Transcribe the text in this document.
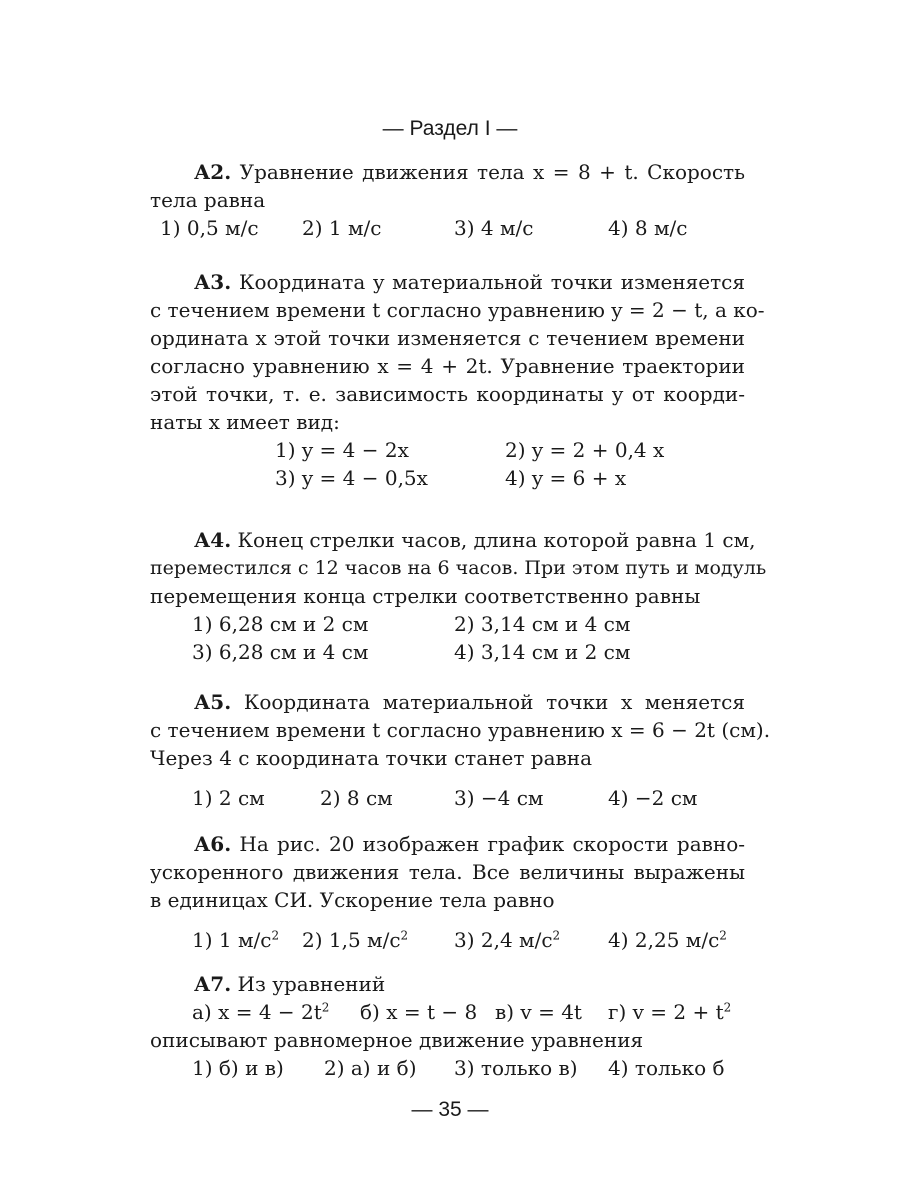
— Раздел I —
А2. Уравнение движения тела x = 8 + t. Скорость
тела равна
1) 0,5 м/с 2) 1 м/с	3) 4 м/с	4) 8 м/с
А3. Координата y материальной точки изменяется
с течением времени t согласно уравнению y = 2 − t, а ко-
ордината x этой точки изменяется с течением времени
согласно уравнению x = 4 + 2t. Уравнение траектории
этой точки, т. е. зависимость координаты y от коорди-
наты x имеет вид:
1) y = 4 − 2x	2) y = 2 + 0,4 x
3) y = 4 − 0,5x	4) y = 6 + x
А4. Конец стрелки часов, длина которой равна 1 см,
переместился с 12 часов на 6 часов. При этом путь и модуль
перемещения конца стрелки соответственно равны
1) 6,28 см и 2 см	2) 3,14 см и 4 см
3) 6,28 см и 4 см	4) 3,14 см и 2 см
А5. Координата материальной точки x меняется
с течением времени t согласно уравнению x = 6 − 2t (см).
Через 4 с координата точки станет равна
1) 2 см	2) 8 см	3) −4 см	4) −2 см
А6. На рис. 20 изображен график скорости равно-
ускоренного движения тела. Все величины выражены
в единицах СИ. Ускорение тела равно
1) 1 $м/с^2$ 2) 1,5 $м/с^2$ 3) 2,4 $м/с^2$ 4) 2,25 $м/с^2$
А7. Из уравнений
а) $x = 4 - 2t^2$ б) x = t − 8 в) v = 4t г) $v = 2 + t^2$
описывают равномерное движение уравнения
1) б) и в) 2) а) и б) 3) только в) 4) только б
— 35 —
